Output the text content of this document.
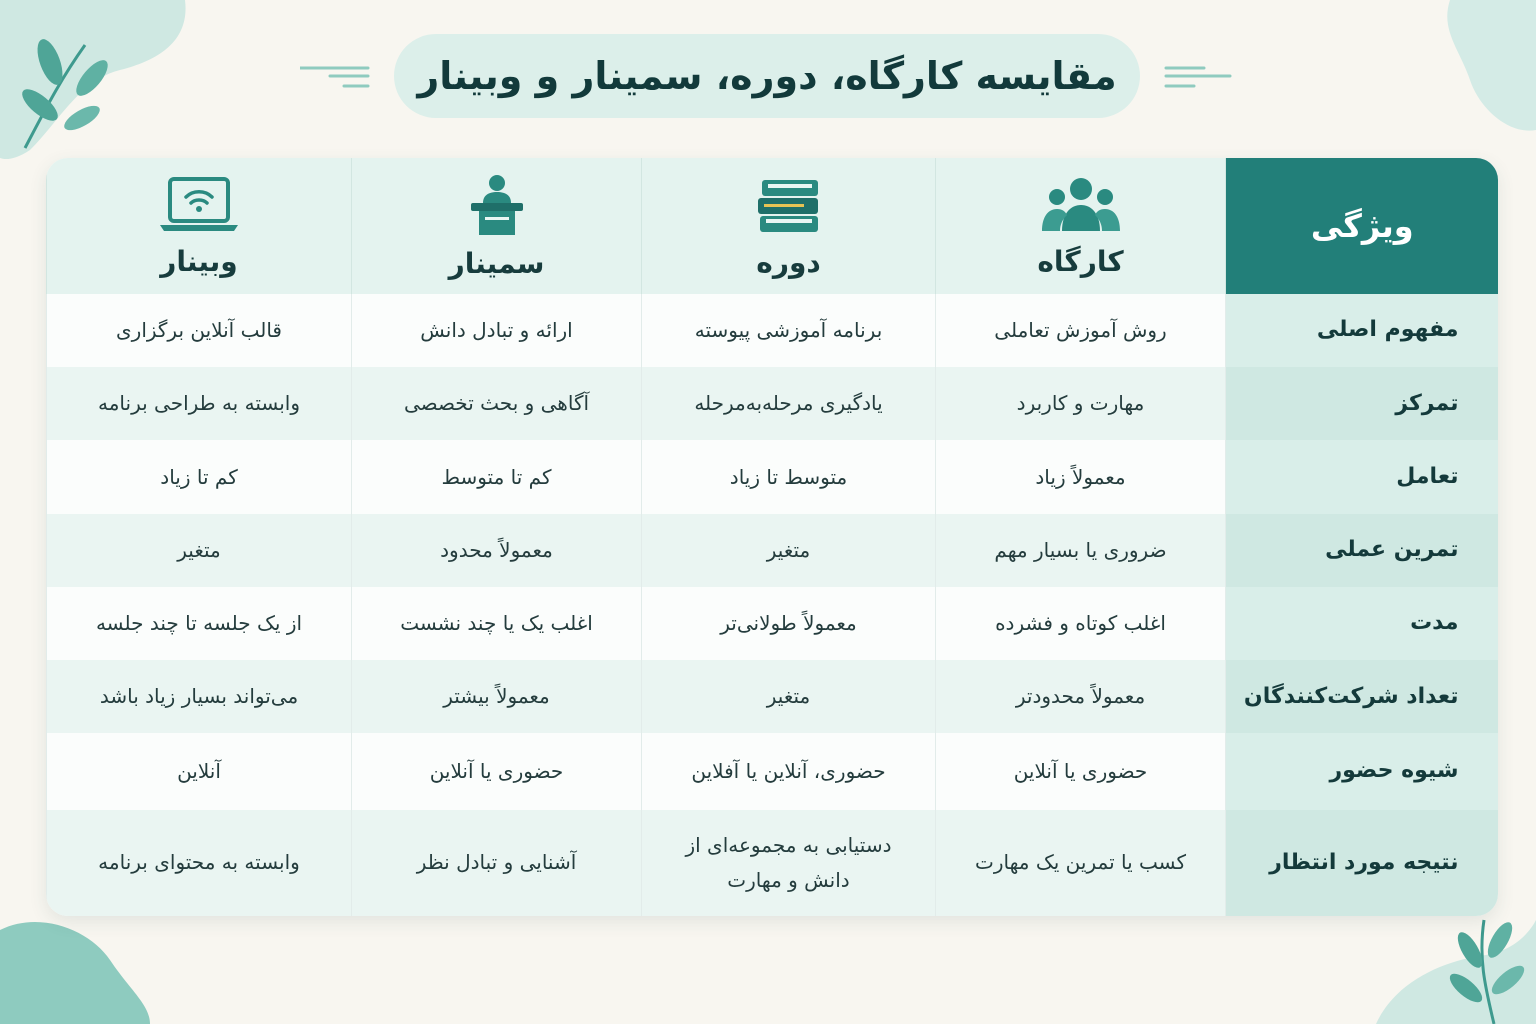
مقایسه کارگاه، دوره، سمینار و وبینار
ویژگی	کارگاه	دوره	سمینار	وبینار

مفهوم اصلی	روش آموزش تعاملی	برنامه آموزشی پیوسته	ارائه و تبادل دانش	قالب آنلاین برگزاری
تمرکز	مهارت و کاربرد	یادگیری مرحله‌به‌مرحله	آگاهی و بحث تخصصی	وابسته به طراحی برنامه
تعامل	معمولاً زیاد	متوسط تا زیاد	کم تا متوسط	کم تا زیاد
تمرین عملی	ضروری یا بسیار مهم	متغیر	معمولاً محدود	متغیر
مدت	اغلب کوتاه و فشرده	معمولاً طولانی‌تر	اغلب یک یا چند نشست	از یک جلسه تا چند جلسه
تعداد شرکت‌کنندگان	معمولاً محدودتر	متغیر	معمولاً بیشتر	می‌تواند بسیار زیاد باشد
شیوه حضور	حضوری یا آنلاین	حضوری، آنلاین یا آفلاین	حضوری یا آنلاین	آنلاین
نتیجه مورد انتظار	کسب یا تمرین یک مهارت	دستیابی به مجموعه‌ای از دانش و مهارت	آشنایی و تبادل نظر	وابسته به محتوای برنامه
